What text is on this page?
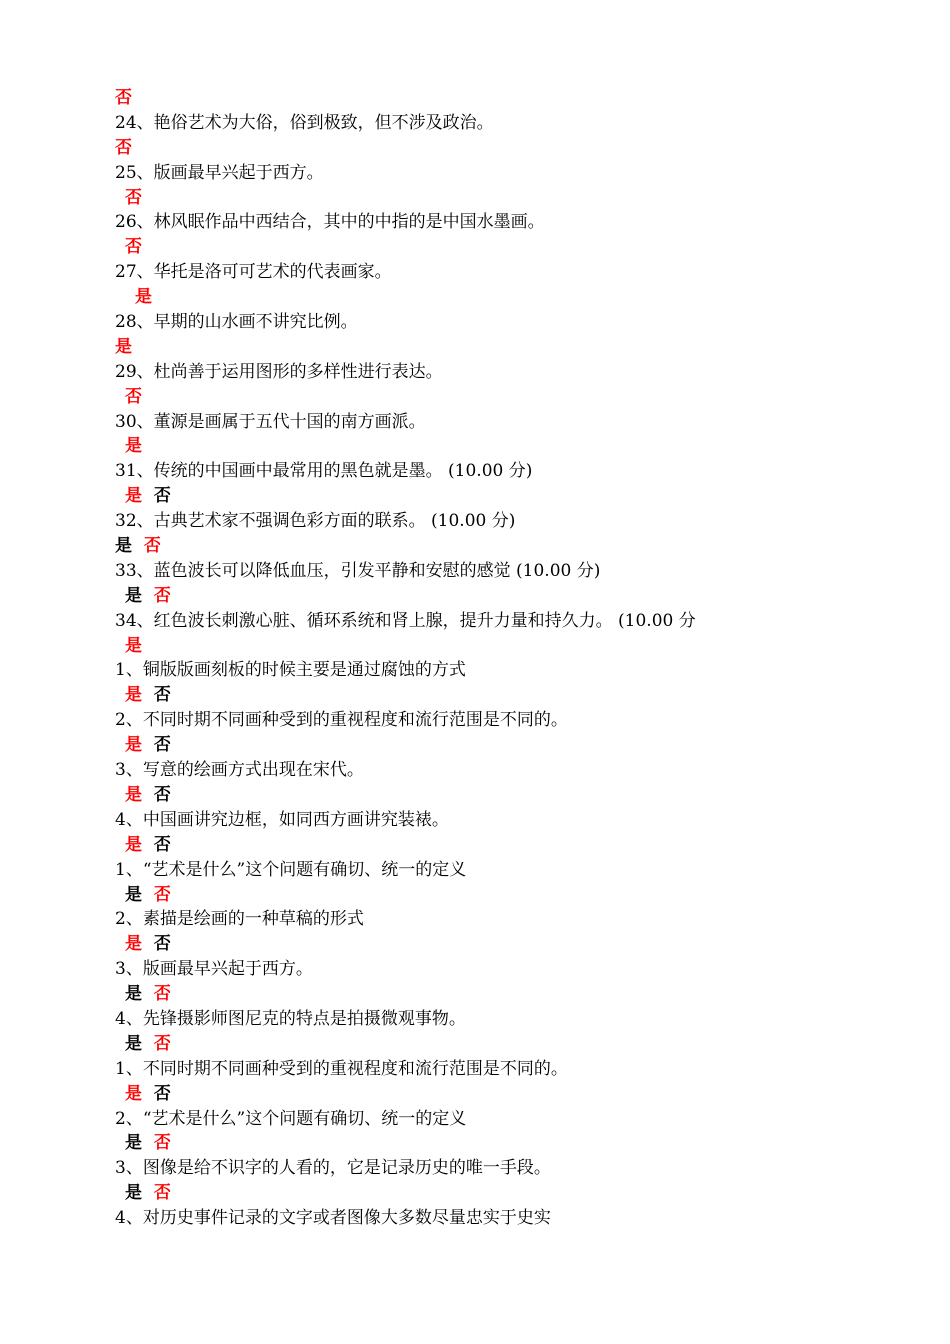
否
24、艳俗艺术为大俗，俗到极致，但不涉及政治。
否
25、版画最早兴起于西方。
否
26、林风眠作品中西结合，其中的中指的是中国水墨画。
否
27、华托是洛可可艺术的代表画家。
是
28、早期的山水画不讲究比例。
是
29、杜尚善于运用图形的多样性进行表达。
否
30、董源是画属于五代十国的南方画派。
是
31、传统的中国画中最常用的黑色就是墨。 (10.00 分)
是 否
32、古典艺术家不强调色彩方面的联系。 (10.00 分)
是 否
33、蓝色波长可以降低血压，引发平静和安慰的感觉 (10.00 分)
是 否
34、红色波长刺激心脏、循环系统和肾上腺，提升力量和持久力。 (10.00 分
是
1、铜版版画刻板的时候主要是通过腐蚀的方式
是 否
2、不同时期不同画种受到的重视程度和流行范围是不同的。
是 否
3、写意的绘画方式出现在宋代。
是 否
4、中国画讲究边框，如同西方画讲究装裱。
是 否
1、“艺术是什么”这个问题有确切、统一的定义
是 否
2、素描是绘画的一种草稿的形式
是 否
3、版画最早兴起于西方。
是 否
4、先锋摄影师图尼克的特点是拍摄微观事物。
是 否
1、不同时期不同画种受到的重视程度和流行范围是不同的。
是 否
2、“艺术是什么”这个问题有确切、统一的定义
是 否
3、图像是给不识字的人看的，它是记录历史的唯一手段。
是 否
4、对历史事件记录的文字或者图像大多数尽量忠实于史实
